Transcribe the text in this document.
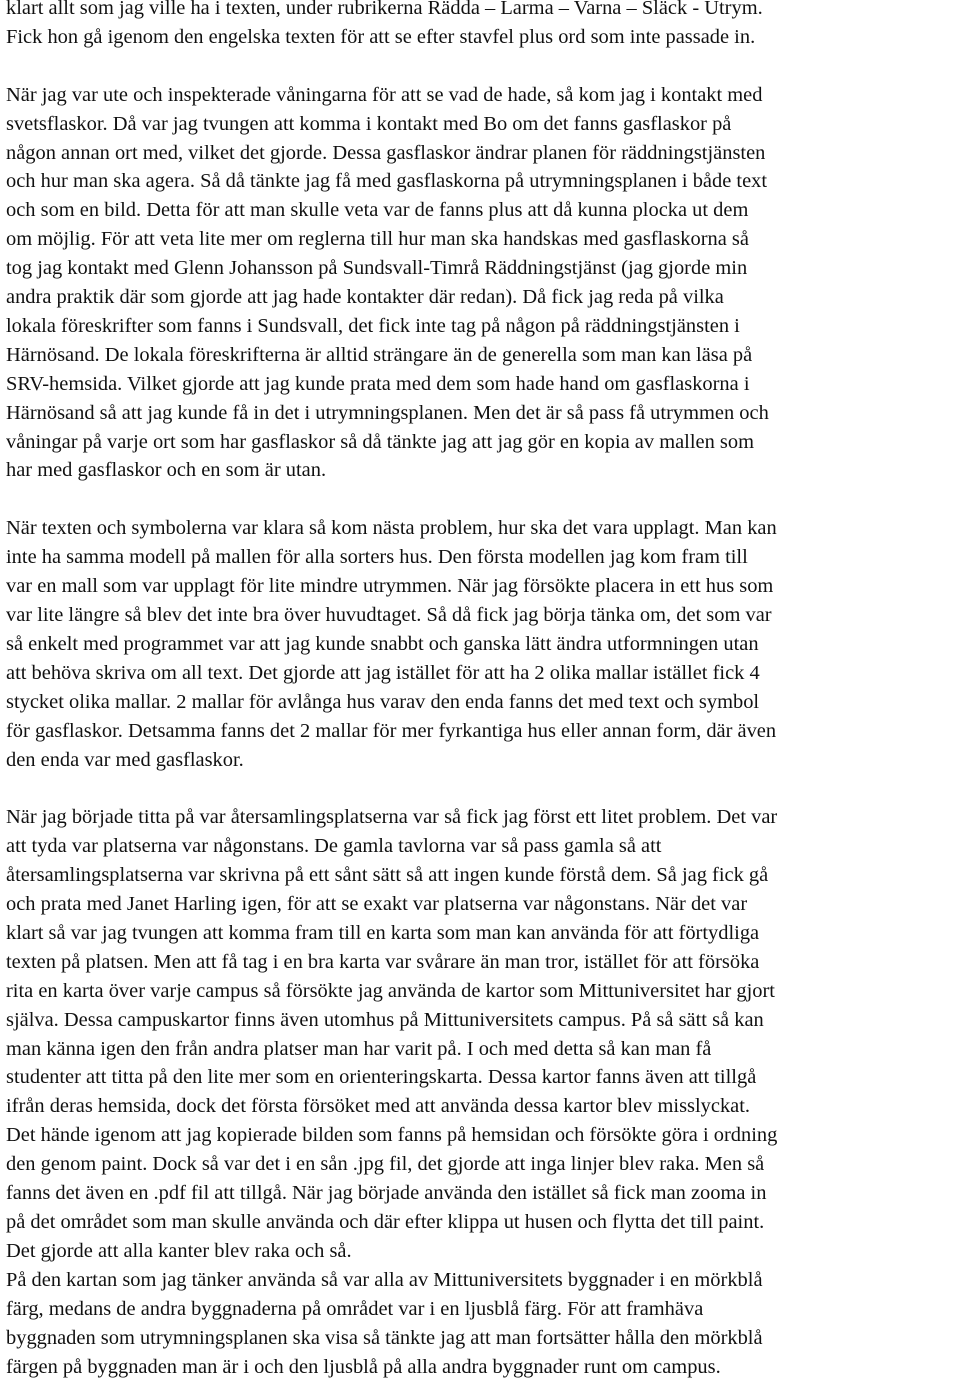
klart allt som jag ville ha i texten, under rubrikerna Rädda – Larma – Varna – Släck - Utrym.
Fick hon gå igenom den engelska texten för att se efter stavfel plus ord som inte passade in.

När jag var ute och inspekterade våningarna för att se vad de hade, så kom jag i kontakt med
svetsflaskor. Då var jag tvungen att komma i kontakt med Bo om det fanns gasflaskor på
någon annan ort med, vilket det gjorde. Dessa gasflaskor ändrar planen för räddningstjänsten
och hur man ska agera. Så då tänkte jag få med gasflaskorna på utrymningsplanen i både text
och som en bild. Detta för att man skulle veta var de fanns plus att då kunna plocka ut dem
om möjlig. För att veta lite mer om reglerna till hur man ska handskas med gasflaskorna så
tog jag kontakt med Glenn Johansson på Sundsvall-Timrå Räddningstjänst (jag gjorde min
andra praktik där som gjorde att jag hade kontakter där redan). Då fick jag reda på vilka
lokala föreskrifter som fanns i Sundsvall, det fick inte tag på någon på räddningstjänsten i
Härnösand. De lokala föreskrifterna är alltid strängare än de generella som man kan läsa på
SRV-hemsida. Vilket gjorde att jag kunde prata med dem som hade hand om gasflaskorna i
Härnösand så att jag kunde få in det i utrymningsplanen. Men det är så pass få utrymmen och
våningar på varje ort som har gasflaskor så då tänkte jag att jag gör en kopia av mallen som
har med gasflaskor och en som är utan.

När texten och symbolerna var klara så kom nästa problem, hur ska det vara upplagt. Man kan
inte ha samma modell på mallen för alla sorters hus. Den första modellen jag kom fram till
var en mall som var upplagt för lite mindre utrymmen. När jag försökte placera in ett hus som
var lite längre så blev det inte bra över huvudtaget. Så då fick jag börja tänka om, det som var
så enkelt med programmet var att jag kunde snabbt och ganska lätt ändra utformningen utan
att behöva skriva om all text. Det gjorde att jag istället för att ha 2 olika mallar istället fick 4
stycket olika mallar. 2 mallar för avlånga hus varav den enda fanns det med text och symbol
för gasflaskor. Detsamma fanns det 2 mallar för mer fyrkantiga hus eller annan form, där även
den enda var med gasflaskor.

När jag började titta på var återsamlingsplatserna var så fick jag först ett litet problem. Det var
att tyda var platserna var någonstans. De gamla tavlorna var så pass gamla så att
återsamlingsplatserna var skrivna på ett sånt sätt så att ingen kunde förstå dem. Så jag fick gå
och prata med Janet Harling igen, för att se exakt var platserna var någonstans. När det var
klart så var jag tvungen att komma fram till en karta som man kan använda för att förtydliga
texten på platsen. Men att få tag i en bra karta var svårare än man tror, istället för att försöka
rita en karta över varje campus så försökte jag använda de kartor som Mittuniversitet har gjort
själva. Dessa campuskartor finns även utomhus på Mittuniversitets campus. På så sätt så kan
man känna igen den från andra platser man har varit på. I och med detta så kan man få
studenter att titta på den lite mer som en orienteringskarta. Dessa kartor fanns även att tillgå
ifrån deras hemsida, dock det första försöket med att använda dessa kartor blev misslyckat.
Det hände igenom att jag kopierade bilden som fanns på hemsidan och försökte göra i ordning
den genom paint. Dock så var det i en sån .jpg fil, det gjorde att inga linjer blev raka. Men så
fanns det även en .pdf fil att tillgå. När jag började använda den istället så fick man zooma in
på det området som man skulle använda och där efter klippa ut husen och flytta det till paint.
Det gjorde att alla kanter blev raka och så.

På den kartan som jag tänker använda så var alla av Mittuniversitets byggnader i en mörkblå
färg, medans de andra byggnaderna på området var i en ljusblå färg. För att framhäva
byggnaden som utrymningsplanen ska visa så tänkte jag att man fortsätter hålla den mörkblå
färgen på byggnaden man är i och den ljusblå på alla andra byggnader runt om campus.
